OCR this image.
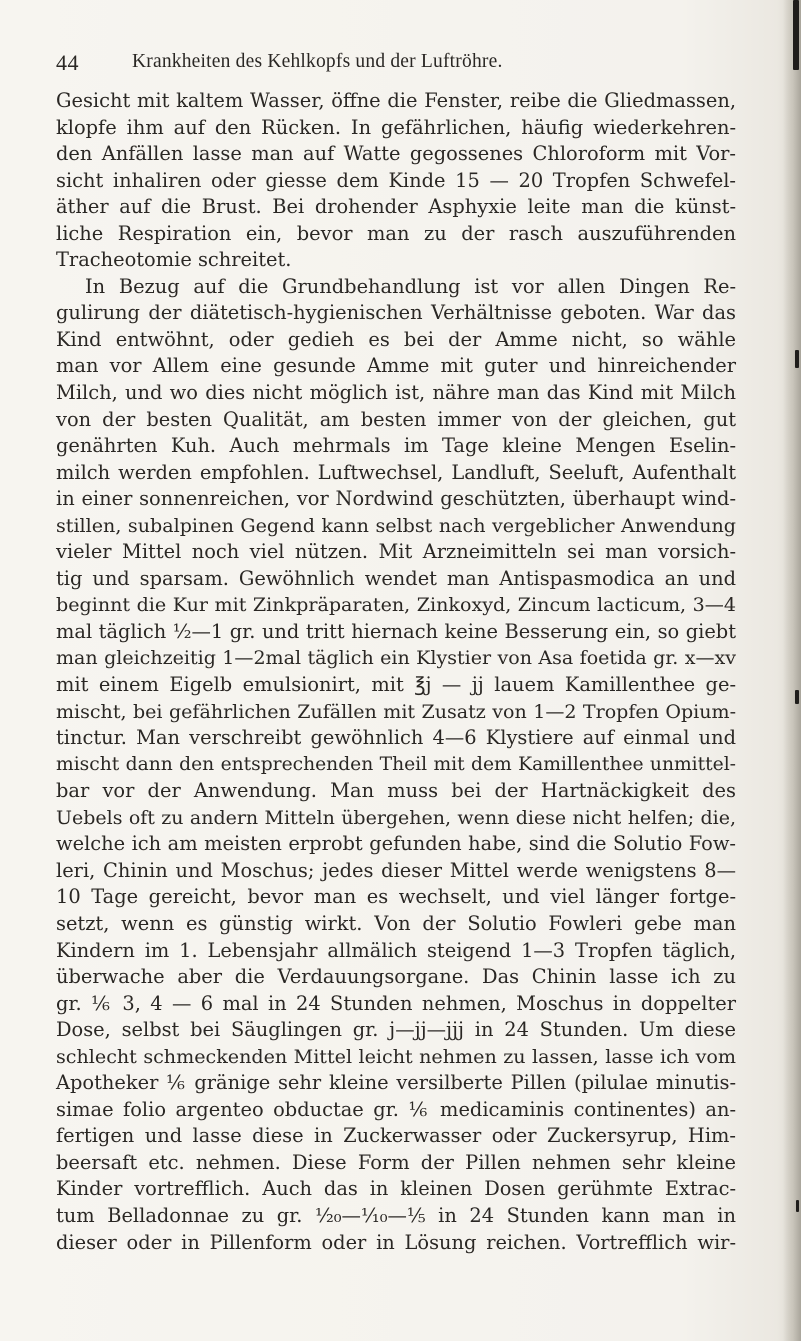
44	Krankheiten des Kehlkopfs und der Luftröhre.
Gesicht mit kaltem Wasser, öffne die Fenster, reibe die Gliedmassen,
klopfe ihm auf den Rücken. In gefährlichen, häufig wiederkehren-
den Anfällen lasse man auf Watte gegossenes Chloroform mit Vor-
sicht inhaliren oder giesse dem Kinde 15 — 20 Tropfen Schwefel-
äther auf die Brust. Bei drohender Asphyxie leite man die künst-
liche Respiration ein, bevor man zu der rasch auszuführenden
Tracheotomie schreitet.
In Bezug auf die Grundbehandlung ist vor allen Dingen Re-
gulirung der diätetisch-hygienischen Verhältnisse geboten. War das
Kind entwöhnt, oder gedieh es bei der Amme nicht, so wähle
man vor Allem eine gesunde Amme mit guter und hinreichender
Milch, und wo dies nicht möglich ist, nähre man das Kind mit Milch
von der besten Qualität, am besten immer von der gleichen, gut
genährten Kuh. Auch mehrmals im Tage kleine Mengen Eselin-
milch werden empfohlen. Luftwechsel, Landluft, Seeluft, Aufenthalt
in einer sonnenreichen, vor Nordwind geschützten, überhaupt wind-
stillen, subalpinen Gegend kann selbst nach vergeblicher Anwendung
vieler Mittel noch viel nützen. Mit Arzneimitteln sei man vorsich-
tig und sparsam. Gewöhnlich wendet man Antispasmodica an und
beginnt die Kur mit Zinkpräparaten, Zinkoxyd, Zincum lacticum, 3—4
mal täglich ½—1 gr. und tritt hiernach keine Besserung ein, so giebt
man gleichzeitig 1—2mal täglich ein Klystier von Asa foetida gr. x—xv
mit einem Eigelb emulsionirt, mit ℥j — jj lauem Kamillenthee ge-
mischt, bei gefährlichen Zufällen mit Zusatz von 1—2 Tropfen Opium-
tinctur. Man verschreibt gewöhnlich 4—6 Klystiere auf einmal und
mischt dann den entsprechenden Theil mit dem Kamillenthee unmittel-
bar vor der Anwendung. Man muss bei der Hartnäckigkeit des
Uebels oft zu andern Mitteln übergehen, wenn diese nicht helfen; die,
welche ich am meisten erprobt gefunden habe, sind die Solutio Fow-
leri, Chinin und Moschus; jedes dieser Mittel werde wenigstens 8—
10 Tage gereicht, bevor man es wechselt, und viel länger fortge-
setzt, wenn es günstig wirkt. Von der Solutio Fowleri gebe man
Kindern im 1. Lebensjahr allmälich steigend 1—3 Tropfen täglich,
überwache aber die Verdauungsorgane. Das Chinin lasse ich zu
gr. ⅙ 3, 4 — 6 mal in 24 Stunden nehmen, Moschus in doppelter
Dose, selbst bei Säuglingen gr. j—jj—jjj in 24 Stunden. Um diese
schlecht schmeckenden Mittel leicht nehmen zu lassen, lasse ich vom
Apotheker ⅙ gränige sehr kleine versilberte Pillen (pilulae minutis-
simae folio argenteo obductae gr. ⅙ medicaminis continentes) an-
fertigen und lasse diese in Zuckerwasser oder Zuckersyrup, Him-
beersaft etc. nehmen. Diese Form der Pillen nehmen sehr kleine
Kinder vortrefflich. Auch das in kleinen Dosen gerühmte Extrac-
tum Belladonnae zu gr. ¹⁄₂₀—¹⁄₁₀—⅕ in 24 Stunden kann man in
dieser oder in Pillenform oder in Lösung reichen. Vortrefflich wir-
